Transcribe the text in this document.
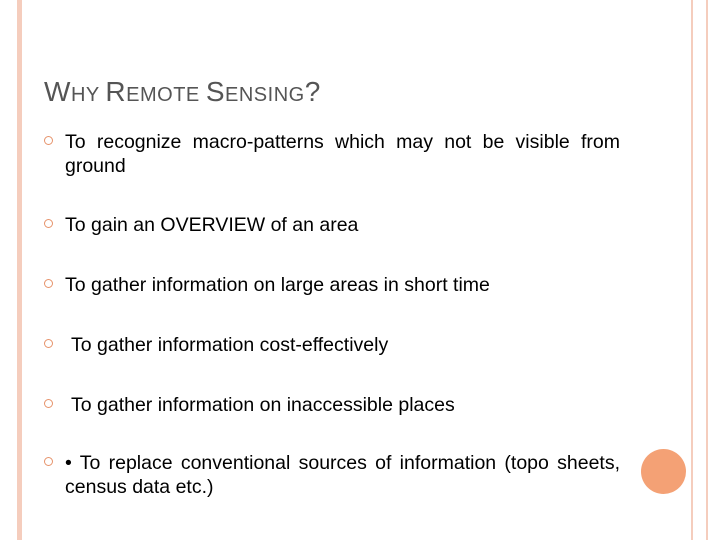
WHY REMOTE SENSING?
To recognize macro-patterns which may not be visible from ground
To gain an OVERVIEW of an area
To gather information on large areas in short time
To gather information cost-effectively
To gather information on inaccessible places
• To replace conventional sources of information (topo sheets, census data etc.)
